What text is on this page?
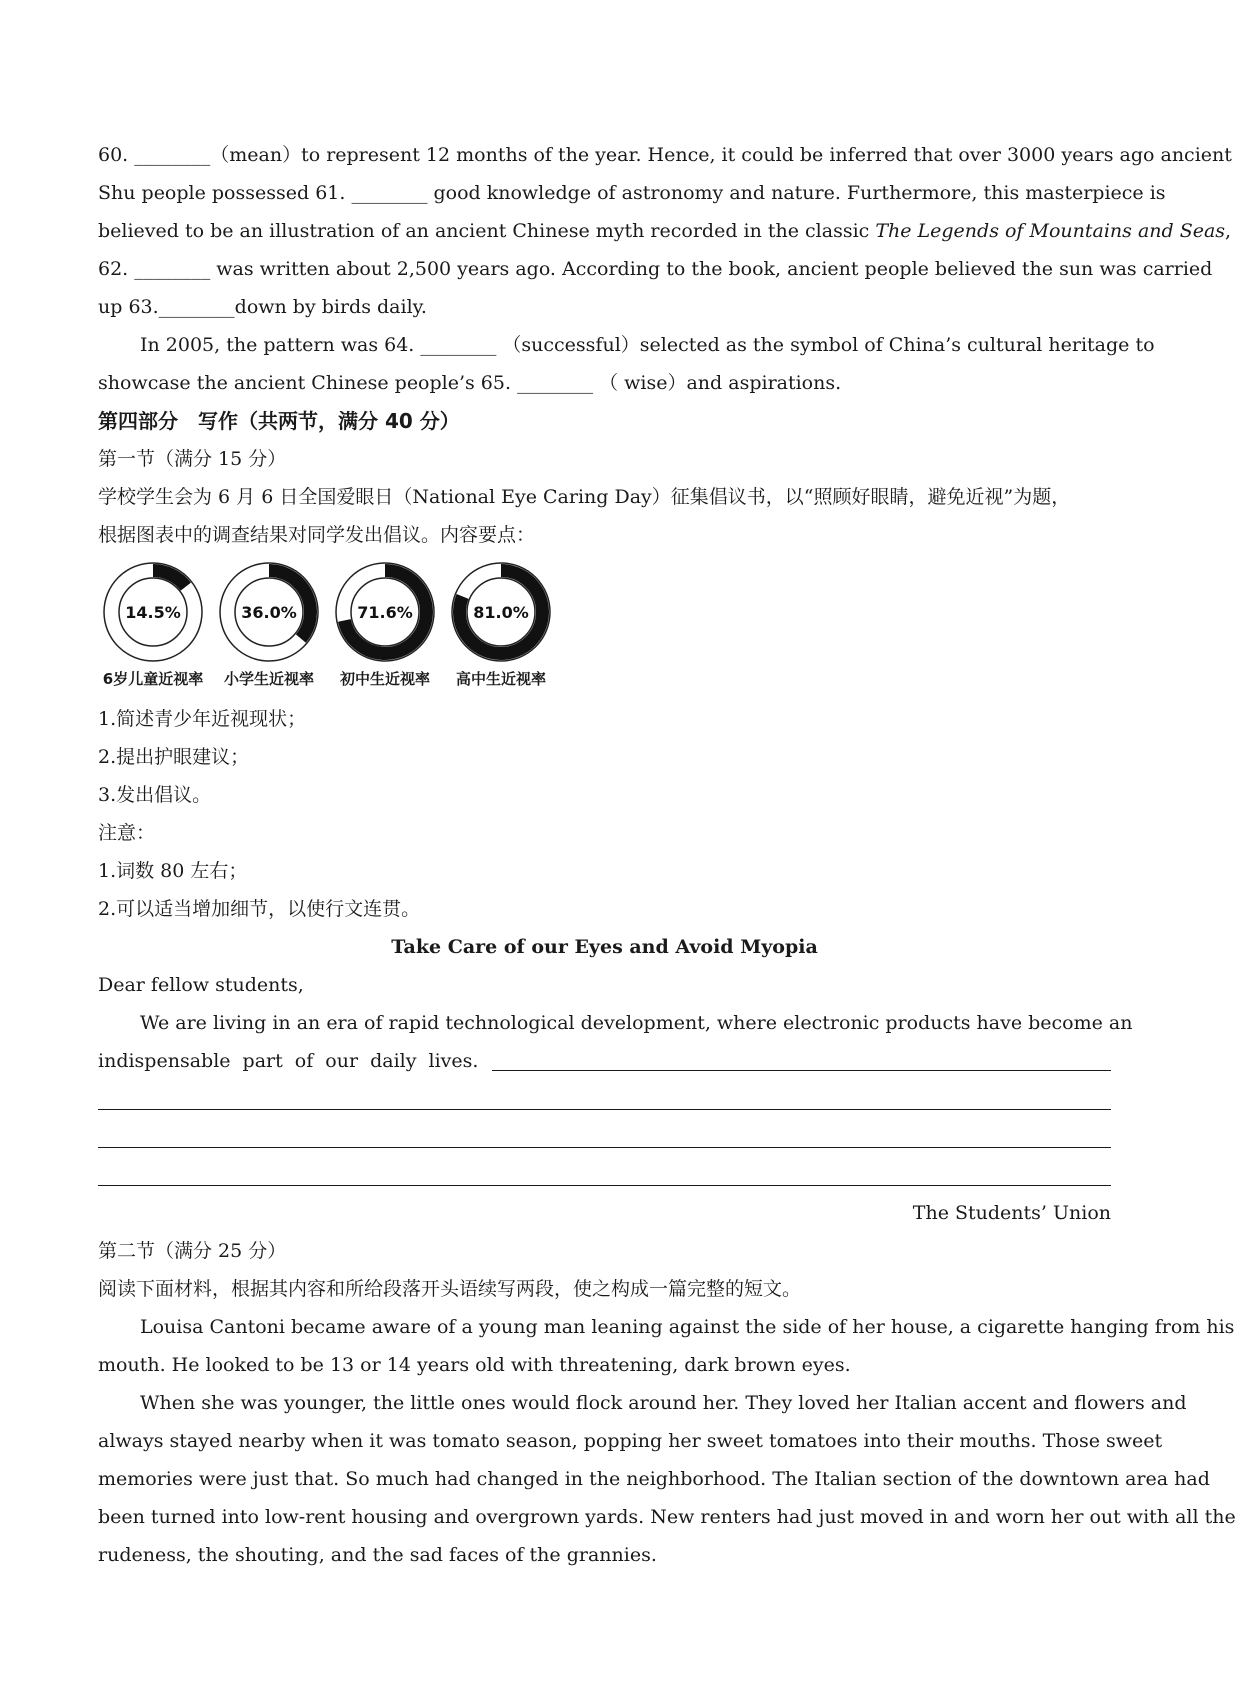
60. ________（mean）to represent 12 months of the year. Hence, it could be inferred that over 3000 years ago ancient
Shu people possessed 61. ________ good knowledge of astronomy and nature. Furthermore, this masterpiece is
believed to be an illustration of an ancient Chinese myth recorded in the classic The Legends of Mountains and Seas,
62. ________ was written about 2,500 years ago. According to the book, ancient people believed the sun was carried
up 63.________down by birds daily.
In 2005, the pattern was 64. ________ （successful）selected as the symbol of China’s cultural heritage to
showcase the ancient Chinese people’s 65. ________ （ wise）and aspirations.
第四部分　写作（共两节，满分 40 分）
第一节（满分 15 分）
学校学生会为 6 月 6 日全国爱眼日（National Eye Caring Day）征集倡议书，以“照顾好眼睛，避免近视”为题，
根据图表中的调查结果对同学发出倡议。内容要点：
14.5%
6岁儿童近视率
36.0%
小学生近视率
71.6%
初中生近视率
81.0%
高中生近视率
1.简述青少年近视现状；
2.提出护眼建议；
3.发出倡议。
注意：
1.词数 80 左右；
2.可以适当增加细节，以使行文连贯。
Take Care of our Eyes and Avoid Myopia
Dear fellow students,
We are living in an era of rapid technological development, where electronic products have become an
indispensable part of our daily lives.
The Students’ Union
第二节（满分 25 分）
阅读下面材料，根据其内容和所给段落开头语续写两段，使之构成一篇完整的短文。
Louisa Cantoni became aware of a young man leaning against the side of her house, a cigarette hanging from his
mouth. He looked to be 13 or 14 years old with threatening, dark brown eyes.
When she was younger, the little ones would flock around her. They loved her Italian accent and flowers and
always stayed nearby when it was tomato season, popping her sweet tomatoes into their mouths. Those sweet
memories were just that. So much had changed in the neighborhood. The Italian section of the downtown area had
been turned into low-rent housing and overgrown yards. New renters had just moved in and worn her out with all the
rudeness, the shouting, and the sad faces of the grannies.
